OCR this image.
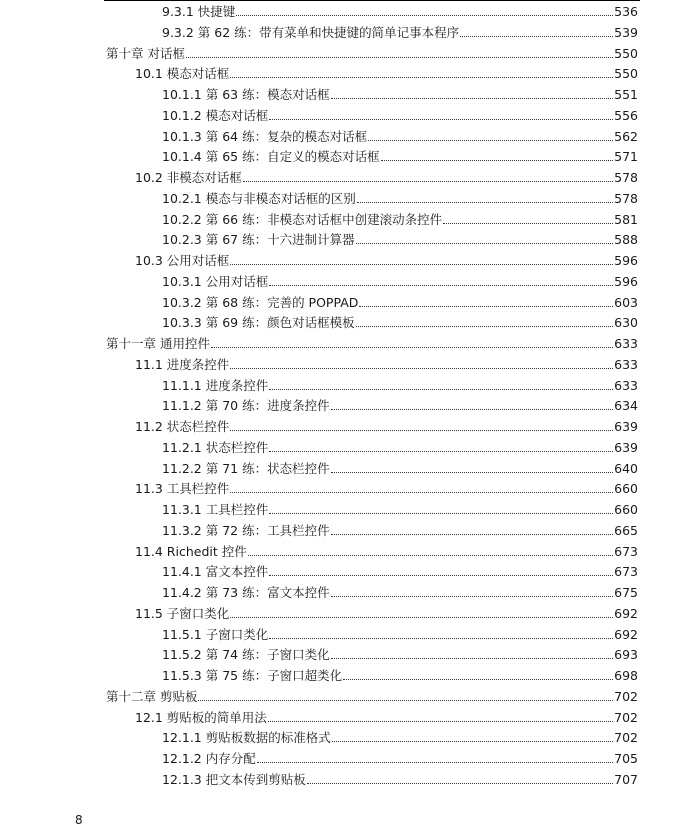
9.3.1 快捷键	536
9.3.2 第 62 练：带有菜单和快捷键的简单记事本程序	539
第十章 对话框	550
10.1 模态对话框	550
10.1.1 第 63 练：模态对话框	551
10.1.2 模态对话框	556
10.1.3 第 64 练：复杂的模态对话框	562
10.1.4 第 65 练：自定义的模态对话框	571
10.2 非模态对话框	578
10.2.1 模态与非模态对话框的区别	578
10.2.2 第 66 练：非模态对话框中创建滚动条控件	581
10.2.3 第 67 练：十六进制计算器	588
10.3 公用对话框	596
10.3.1 公用对话框	596
10.3.2 第 68 练：完善的 POPPAD	603
10.3.3 第 69 练：颜色对话框模板	630
第十一章 通用控件	633
11.1 进度条控件	633
11.1.1 进度条控件	633
11.1.2 第 70 练：进度条控件	634
11.2 状态栏控件	639
11.2.1 状态栏控件	639
11.2.2 第 71 练：状态栏控件	640
11.3 工具栏控件	660
11.3.1 工具栏控件	660
11.3.2 第 72 练：工具栏控件	665
11.4 Richedit 控件	673
11.4.1 富文本控件	673
11.4.2 第 73 练：富文本控件	675
11.5 子窗口类化	692
11.5.1 子窗口类化	692
11.5.2 第 74 练：子窗口类化	693
11.5.3 第 75 练：子窗口超类化	698
第十二章 剪贴板	702
12.1 剪贴板的简单用法	702
12.1.1 剪贴板数据的标准格式	702
12.1.2 内存分配	705
12.1.3 把文本传到剪贴板	707
8
